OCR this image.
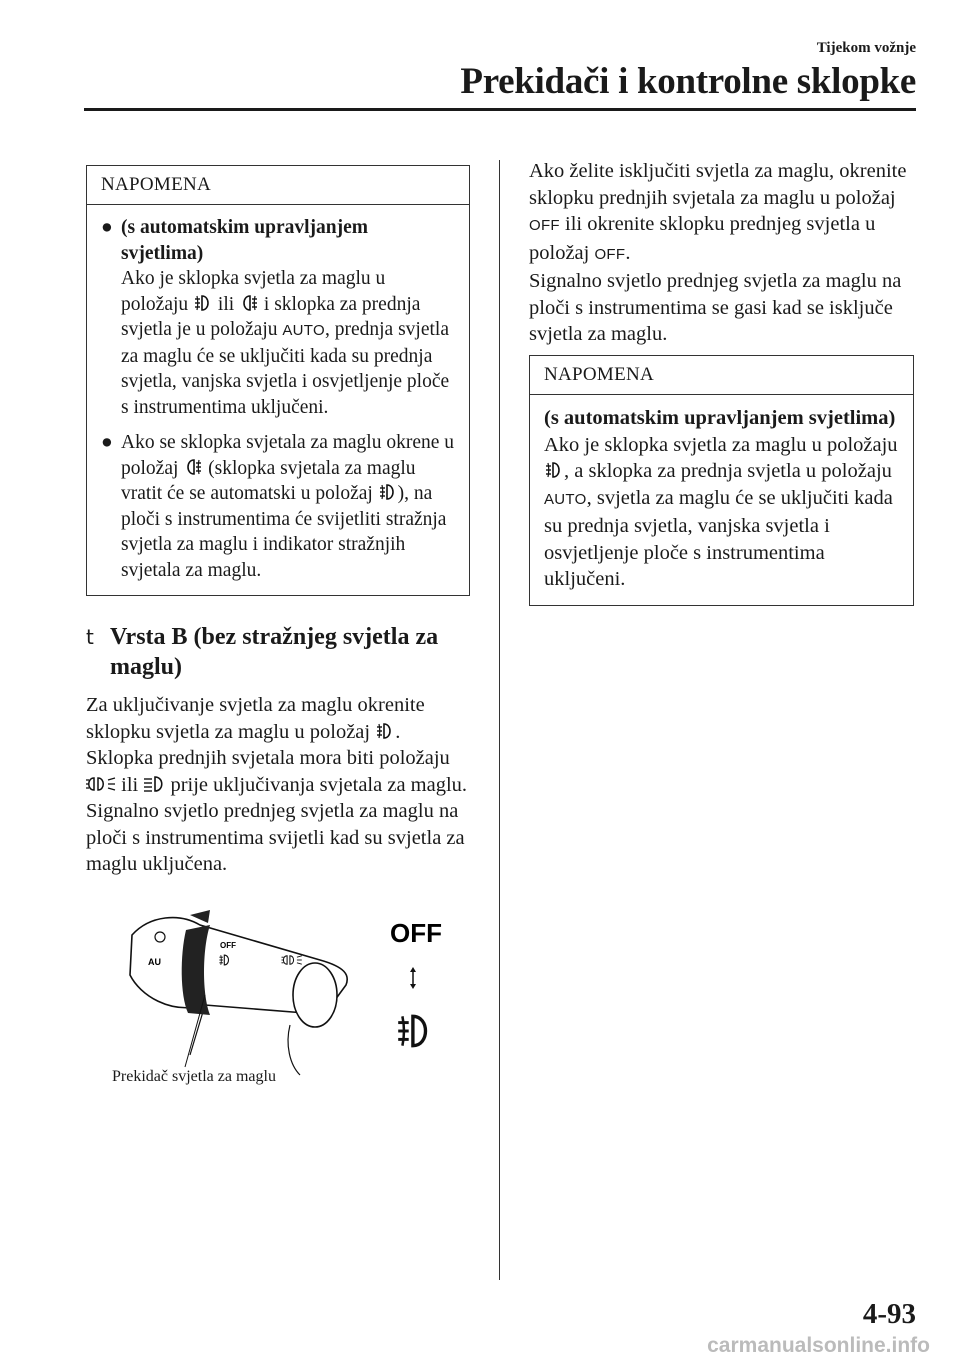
Tijekom vožnje
Prekidači i kontrolne sklopke
NAPOMENA
● (s automatskim upravljanjem svjetlima)
Ako je sklopka svjetla za maglu u položaju ili i sklopka za prednja svjetla je u položaju AUTO, prednja svjetla za maglu će se uključiti kada su prednja svjetla, vanjska svjetla i osvjetljenje ploče s instrumentima uključeni.
● Ako se sklopka svjetala za maglu okrene u položaj (sklopka svjetala za maglu vratit će se automatski u položaj ), na ploči s instrumentima će svijetliti stražnja svjetla za maglu i indikator stražnjih svjetala za maglu.
t Vrsta B (bez stražnjeg svjetla za maglu)
Za uključivanje svjetla za maglu okrenite sklopku svjetla za maglu u položaj .
Sklopka prednjih svjetala mora biti položaju  ili prije uključivanja svjetala za maglu.
Signalno svjetlo prednjeg svjetla za maglu na ploči s instrumentima svijetli kad su svjetla za maglu uključena.
AU
OFF	OFF
Prekidač svjetla za maglu
Ako želite isključiti svjetla za maglu, okrenite sklopku prednjih svjetala za maglu u položaj OFF ili okrenite sklopku prednjeg svjetla u položaj OFF.
Signalno svjetlo prednjeg svjetla za maglu na ploči s instrumentima se gasi kad se isključe svjetla za maglu.
NAPOMENA
(s automatskim upravljanjem svjetlima)
Ako je sklopka svjetla za maglu u položaju , a sklopka za prednja svjetla u položaju AUTO, svjetla za maglu će se uključiti kada su prednja svjetla, vanjska svjetla i osvjetljenje ploče s instrumentima uključeni.
4-93
carmanualsonline.info
